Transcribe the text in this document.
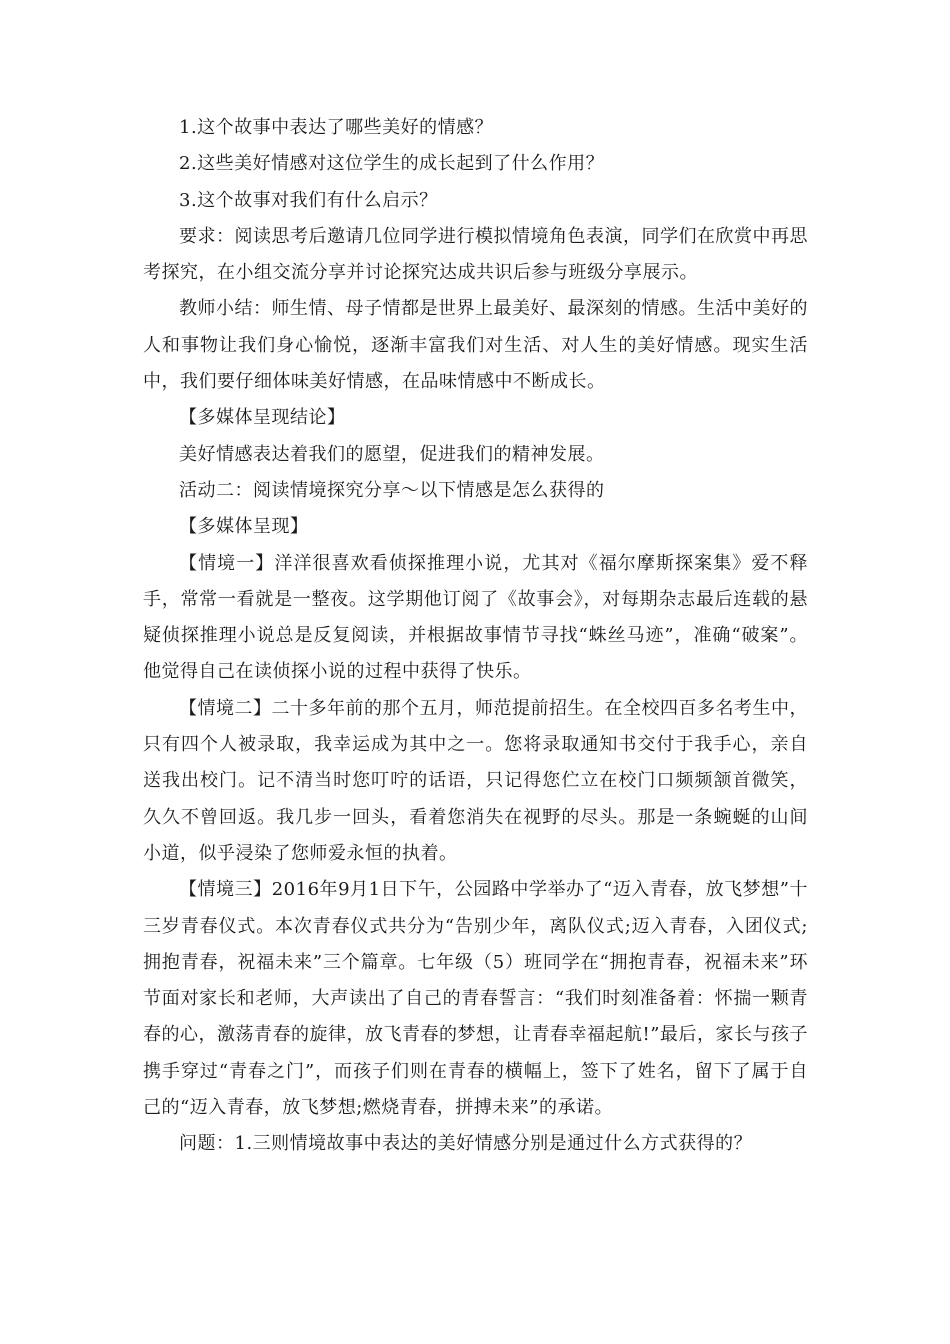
1.这个故事中表达了哪些美好的情感？

2.这些美好情感对这位学生的成长起到了什么作用？

3.这个故事对我们有什么启示？

要求：阅读思考后邀请几位同学进行模拟情境角色表演，同学们在欣赏中再思考探究，在小组交流分享并讨论探究达成共识后参与班级分享展示。

教师小结：师生情、母子情都是世界上最美好、最深刻的情感。生活中美好的人和事物让我们身心愉悦，逐渐丰富我们对生活、对人生的美好情感。现实生活中，我们要仔细体味美好情感，在品味情感中不断成长。

【多媒体呈现结论】

美好情感表达着我们的愿望，促进我们的精神发展。

活动二：阅读情境探究分享～以下情感是怎么获得的

【多媒体呈现】

【情境一】洋洋很喜欢看侦探推理小说，尤其对《福尔摩斯探案集》爱不释手，常常一看就是一整夜。这学期他订阅了《故事会》，对每期杂志最后连载的悬疑侦探推理小说总是反复阅读，并根据故事情节寻找“蛛丝马迹”，准确“破案”。他觉得自己在读侦探小说的过程中获得了快乐。

【情境二】二十多年前的那个五月，师范提前招生。在全校四百多名考生中，只有四个人被录取，我幸运成为其中之一。您将录取通知书交付于我手心，亲自送我出校门。记不清当时您叮咛的话语，只记得您伫立在校门口频频颔首微笑，久久不曾回返。我几步一回头，看着您消失在视野的尽头。那是一条蜿蜒的山间小道，似乎浸染了您师爱永恒的执着。

【情境三】2016年9月1日下午，公园路中学举办了“迈入青春，放飞梦想”十三岁青春仪式。本次青春仪式共分为“告别少年，离队仪式;迈入青春，入团仪式;拥抱青春，祝福未来”三个篇章。七年级（5）班同学在“拥抱青春，祝福未来”环节面对家长和老师，大声读出了自己的青春誓言：“我们时刻准备着：怀揣一颗青春的心，激荡青春的旋律，放飞青春的梦想，让青春幸福起航!”最后，家长与孩子携手穿过“青春之门”，而孩子们则在青春的横幅上，签下了姓名，留下了属于自己的“迈入青春，放飞梦想;燃烧青春，拼搏未来”的承诺。

问题：1.三则情境故事中表达的美好情感分别是通过什么方式获得的？
